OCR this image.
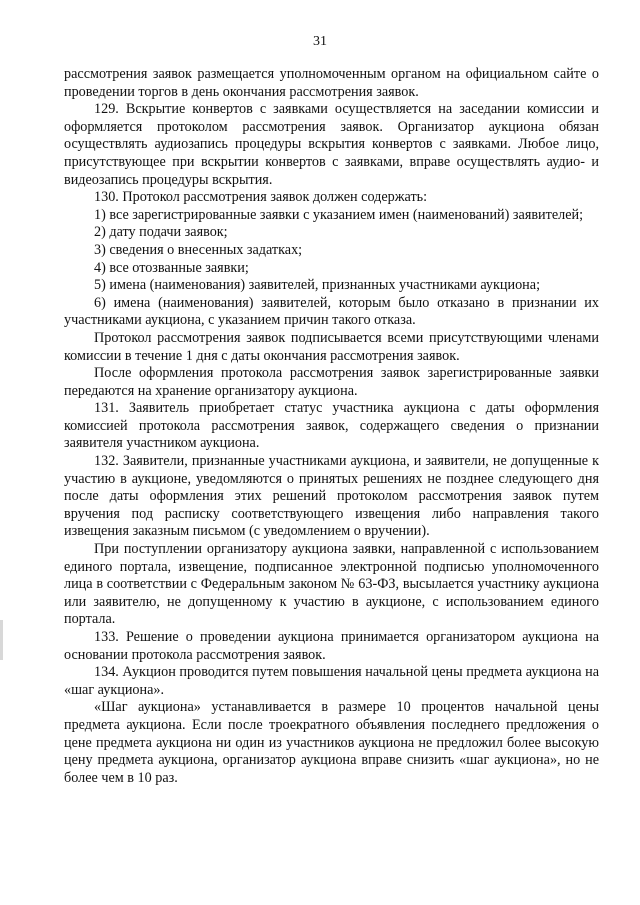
31

рассмотрения заявок размещается уполномоченным органом на официальном сайте о проведении торгов в день окончания рассмотрения заявок.

129. Вскрытие конвертов с заявками осуществляется на заседании комиссии и оформляется протоколом рассмотрения заявок. Организатор аукциона обязан осуществлять аудиозапись процедуры вскрытия конвертов с заявками. Любое лицо, присутствующее при вскрытии конвертов с заявками, вправе осуществлять аудио- и видеозапись процедуры вскрытия.

130. Протокол рассмотрения заявок должен содержать:

1) все зарегистрированные заявки с указанием имен (наименований) заявителей;

2) дату подачи заявок;

3) сведения о внесенных задатках;

4) все отозванные заявки;

5) имена (наименования) заявителей, признанных участниками аукциона;

6) имена (наименования) заявителей, которым было отказано в признании их участниками аукциона, с указанием причин такого отказа.

Протокол рассмотрения заявок подписывается всеми присутствующими членами комиссии в течение 1 дня с даты окончания рассмотрения заявок.

После оформления протокола рассмотрения заявок зарегистрированные заявки передаются на хранение организатору аукциона.

131. Заявитель приобретает статус участника аукциона с даты оформления комиссией протокола рассмотрения заявок, содержащего сведения о признании заявителя участником аукциона.

132. Заявители, признанные участниками аукциона, и заявители, не допущенные к участию в аукционе, уведомляются о принятых решениях не позднее следующего дня после даты оформления этих решений протоколом рассмотрения заявок путем вручения под расписку соответствующего извещения либо направления такого извещения заказным письмом (с уведомлением о вручении).

При поступлении организатору аукциона заявки, направленной с использованием единого портала, извещение, подписанное электронной подписью уполномоченного лица в соответствии с Федеральным законом № 63-ФЗ, высылается участнику аукциона или заявителю, не допущенному к участию в аукционе, с использованием единого портала.

133. Решение о проведении аукциона принимается организатором аукциона на основании протокола рассмотрения заявок.

134. Аукцион проводится путем повышения начальной цены предмета аукциона на «шаг аукциона».

«Шаг аукциона» устанавливается в размере 10 процентов начальной цены предмета аукциона. Если после троекратного объявления последнего предложения о цене предмета аукциона ни один из участников аукциона не предложил более высокую цену предмета аукциона, организатор аукциона вправе снизить «шаг аукциона», но не более чем в 10 раз.
